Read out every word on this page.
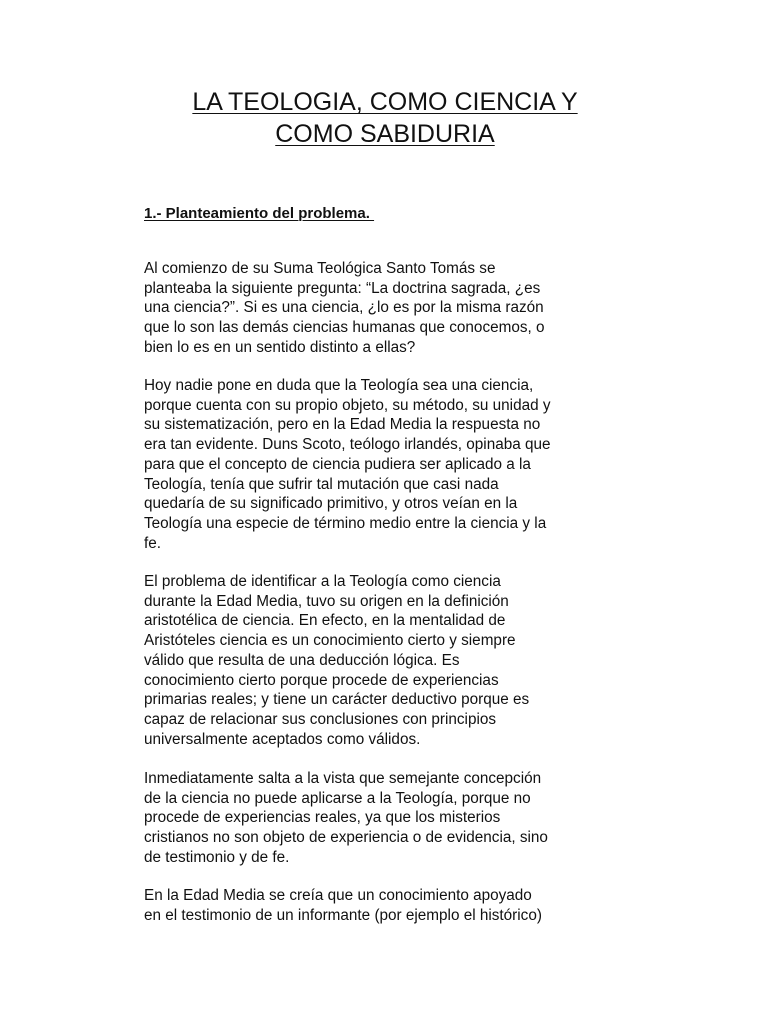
LA TEOLOGIA, COMO CIENCIA Y
COMO SABIDURIA
1.- Planteamiento del problema.

Al comienzo de su Suma Teológica Santo Tomás se
planteaba la siguiente pregunta: “La doctrina sagrada, ¿es
una ciencia?”. Si es una ciencia, ¿lo es por la misma razón
que lo son las demás ciencias humanas que conocemos, o
bien lo es en un sentido distinto a ellas?

Hoy nadie pone en duda que la Teología sea una ciencia,
porque cuenta con su propio objeto, su método, su unidad y
su sistematización, pero en la Edad Media la respuesta no
era tan evidente. Duns Scoto, teólogo irlandés, opinaba que
para que el concepto de ciencia pudiera ser aplicado a la
Teología, tenía que sufrir tal mutación que casi nada
quedaría de su significado primitivo, y otros veían en la
Teología una especie de término medio entre la ciencia y la
fe.

El problema de identificar a la Teología como ciencia
durante la Edad Media, tuvo su origen en la definición
aristotélica de ciencia. En efecto, en la mentalidad de
Aristóteles ciencia es un conocimiento cierto y siempre
válido que resulta de una deducción lógica. Es
conocimiento cierto porque procede de experiencias
primarias reales; y tiene un carácter deductivo porque es
capaz de relacionar sus conclusiones con principios
universalmente aceptados como válidos.

Inmediatamente salta a la vista que semejante concepción
de la ciencia no puede aplicarse a la Teología, porque no
procede de experiencias reales, ya que los misterios
cristianos no son objeto de experiencia o de evidencia, sino
de testimonio y de fe.

En la Edad Media se creía que un conocimiento apoyado
en el testimonio de un informante (por ejemplo el histórico)
